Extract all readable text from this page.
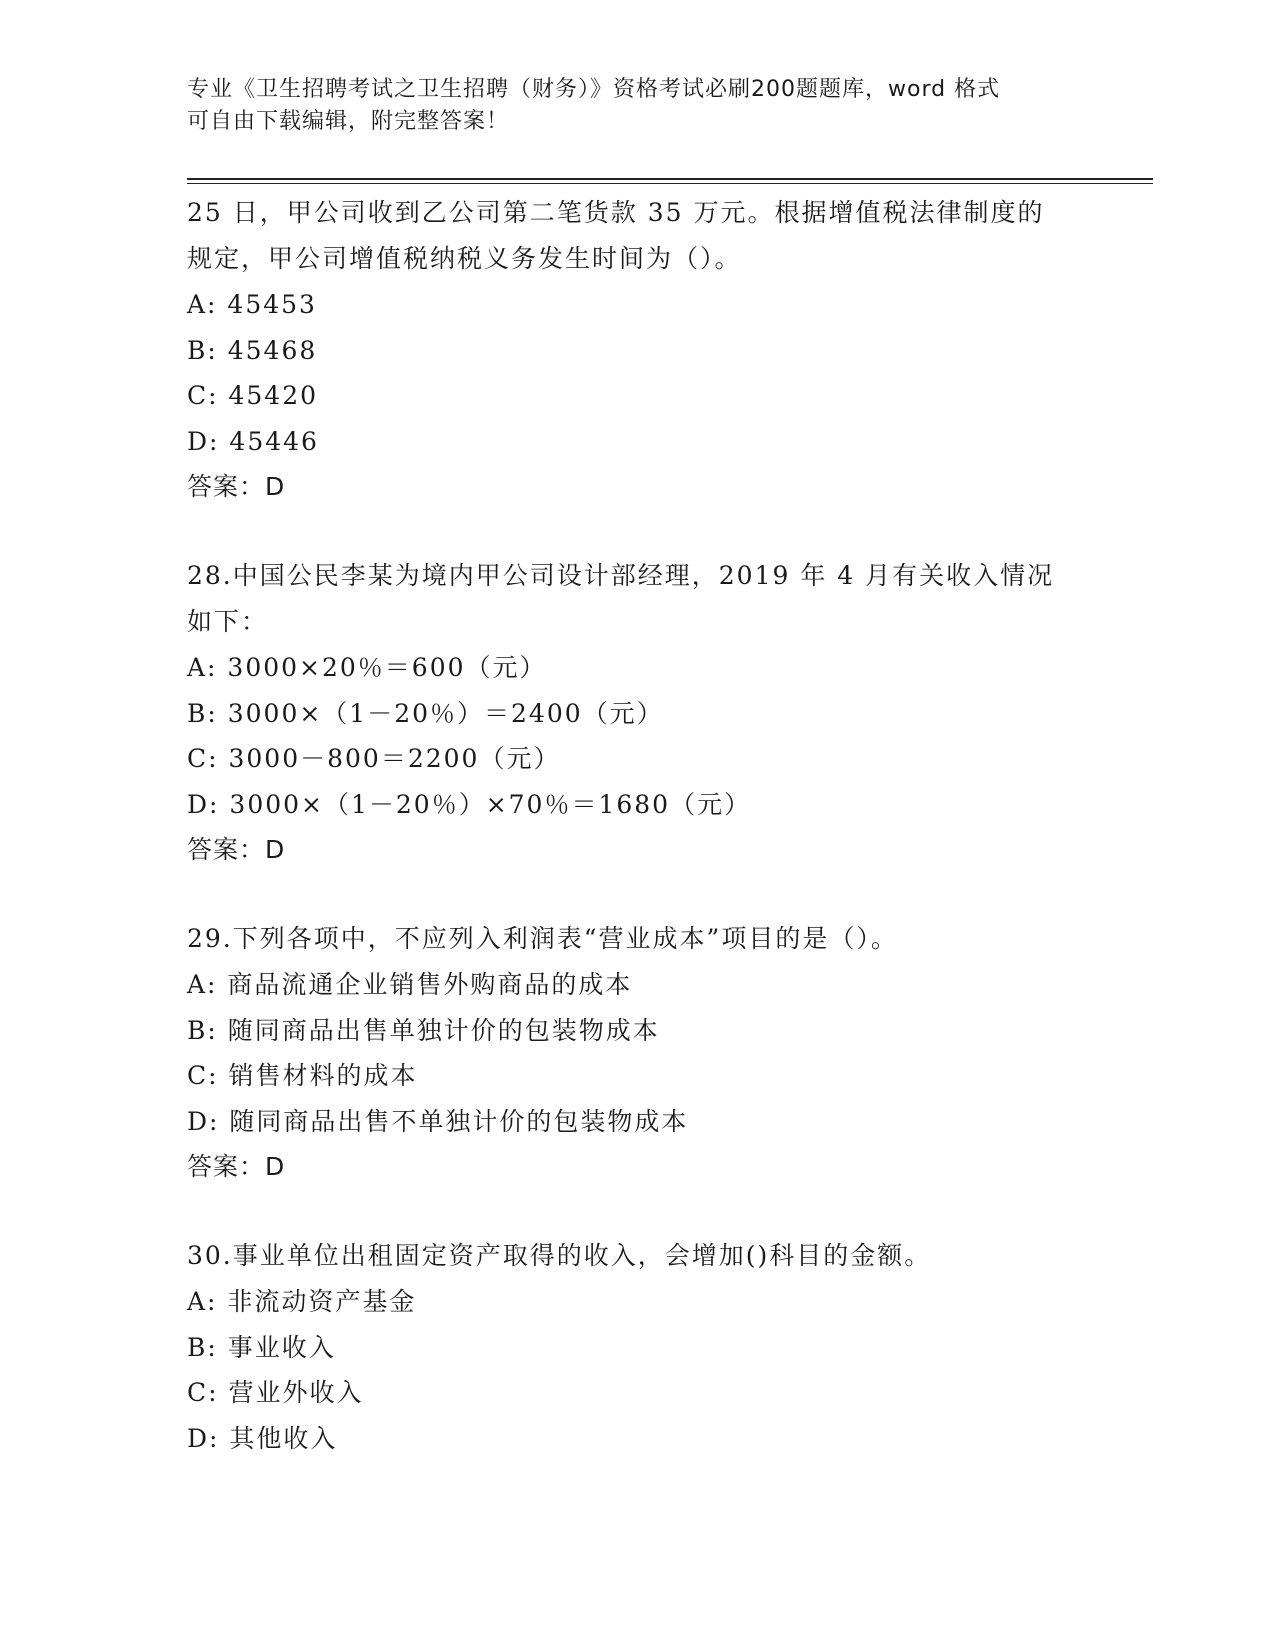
专业《卫生招聘考试之卫生招聘（财务）》资格考试必刷200题题库，word 格式
可自由下载编辑，附完整答案！
25 日，甲公司收到乙公司第二笔货款 35 万元。根据增值税法律制度的
规定，甲公司增值税纳税义务发生时间为（）。
A: 45453
B: 45468
C: 45420
D: 45446
答案：D
28.中国公民李某为境内甲公司设计部经理，2019 年 4 月有关收入情况
如下：
A: 3000×20％＝600（元）
B: 3000×（1－20％）＝2400（元）
C: 3000－800＝2200（元）
D: 3000×（1－20％）×70％＝1680（元）
答案：D
29.下列各项中，不应列入利润表“营业成本”项目的是（）。
A: 商品流通企业销售外购商品的成本
B: 随同商品出售单独计价的包装物成本
C: 销售材料的成本
D: 随同商品出售不单独计价的包装物成本
答案：D
30.事业单位出租固定资产取得的收入，会增加()科目的金额。
A: 非流动资产基金
B: 事业收入
C: 营业外收入
D: 其他收入
